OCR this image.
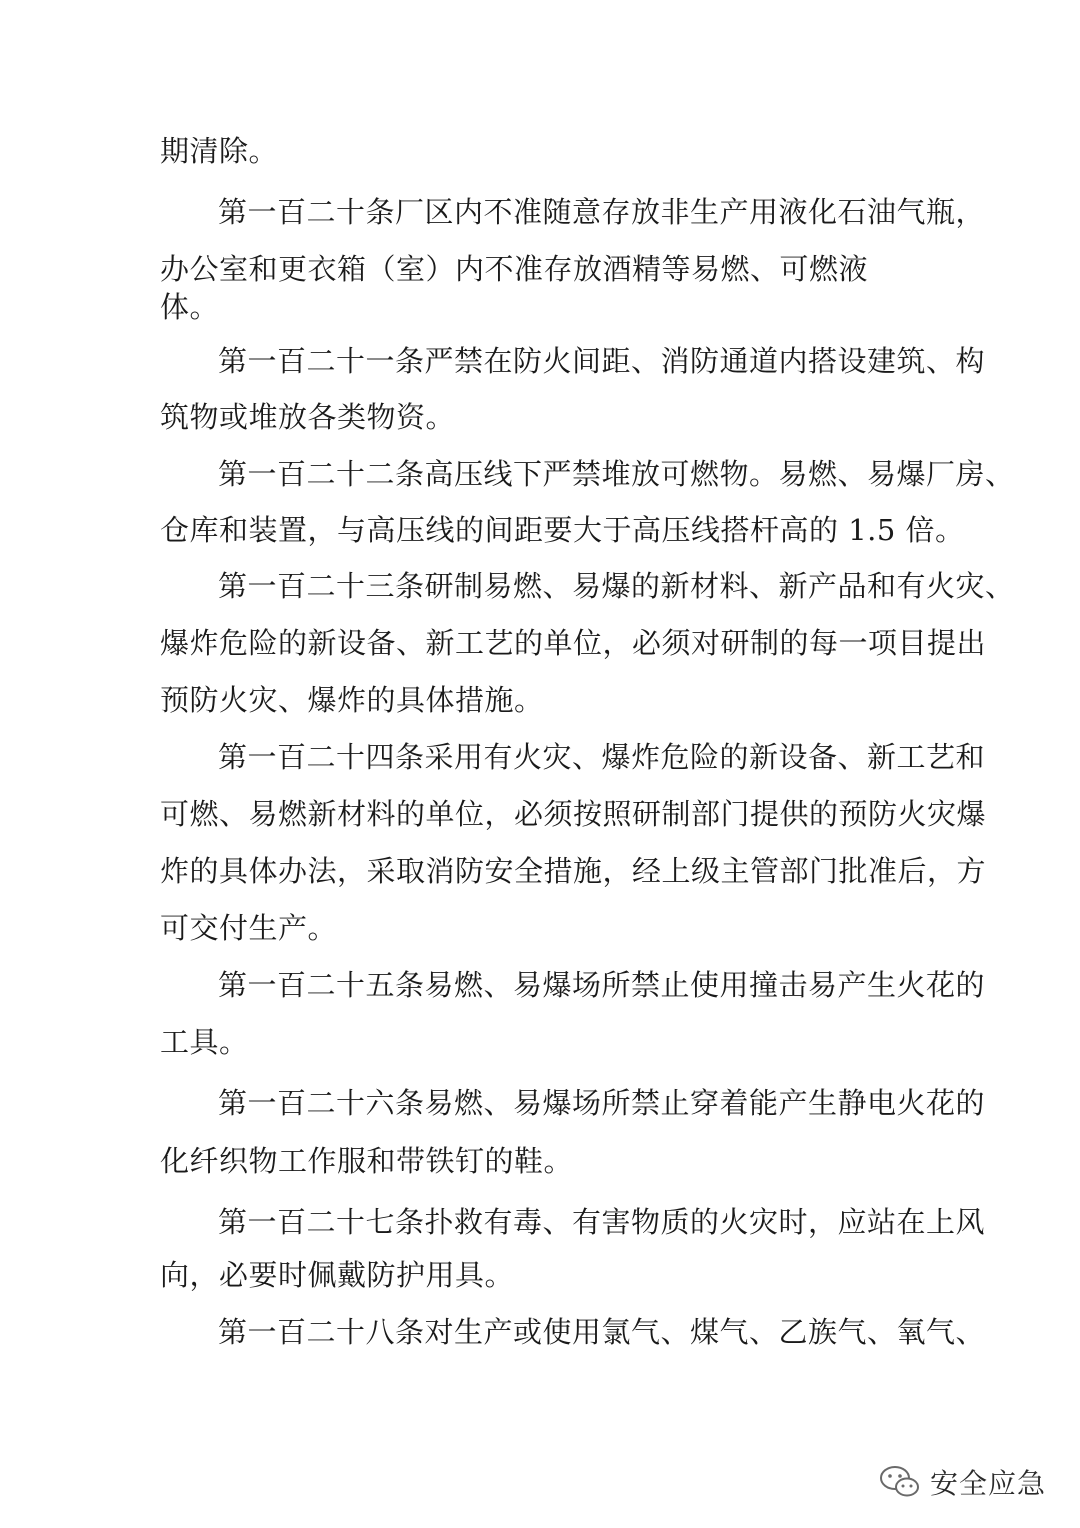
期清除。
第一百二十条厂区内不准随意存放非生产用液化石油气瓶，
办公室和更衣箱（室）内不准存放酒精等易燃、可燃液
体。
第一百二十一条严禁在防火间距、消防通道内搭设建筑、构
筑物或堆放各类物资。
第一百二十二条高压线下严禁堆放可燃物。易燃、易爆厂房、
仓库和装置，与高压线的间距要大于高压线搭杆高的 1.5 倍。
第一百二十三条研制易燃、易爆的新材料、新产品和有火灾、
爆炸危险的新设备、新工艺的单位，必须对研制的每一项目提出
预防火灾、爆炸的具体措施。
第一百二十四条采用有火灾、爆炸危险的新设备、新工艺和
可燃、易燃新材料的单位，必须按照研制部门提供的预防火灾爆
炸的具体办法，采取消防安全措施，经上级主管部门批准后，方
可交付生产。
第一百二十五条易燃、易爆场所禁止使用撞击易产生火花的
工具。
第一百二十六条易燃、易爆场所禁止穿着能产生静电火花的
化纤织物工作服和带铁钉的鞋。
第一百二十七条扑救有毒、有害物质的火灾时，应站在上风
向，必要时佩戴防护用具。
第一百二十八条对生产或使用氯气、煤气、乙族气、氧气、
安全应急
